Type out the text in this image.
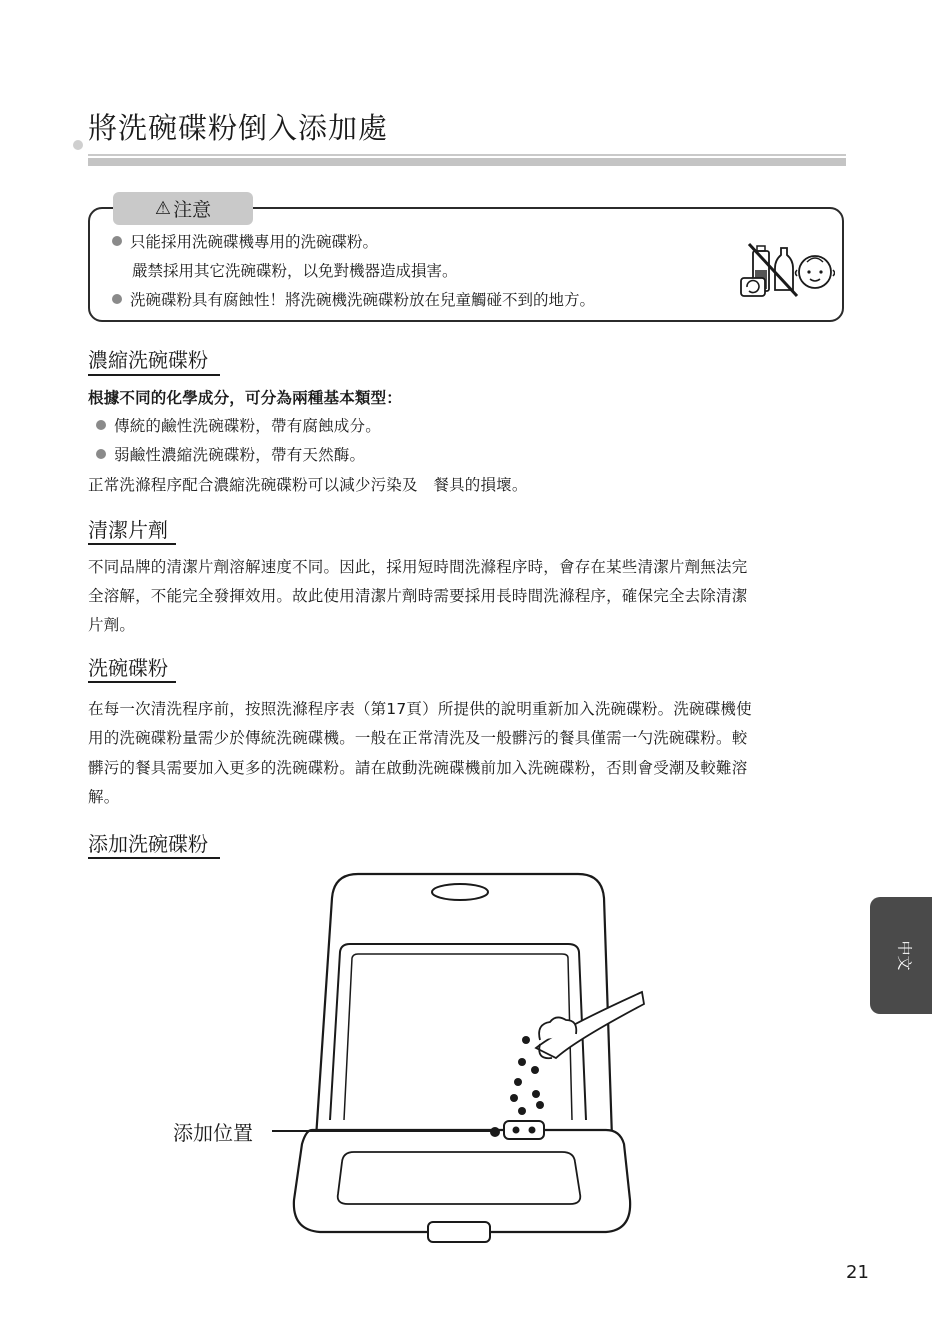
將洗碗碟粉倒入添加處
⚠ 注意
只能採用洗碗碟機專用的洗碗碟粉。
嚴禁採用其它洗碗碟粉，以免對機器造成損害。
洗碗碟粉具有腐蝕性！將洗碗機洗碗碟粉放在兒童觸碰不到的地方。
濃縮洗碗碟粉
根據不同的化學成分，可分為兩種基本類型：
傳統的鹼性洗碗碟粉，帶有腐蝕成分。
弱鹼性濃縮洗碗碟粉，帶有天然酶。
正常洗滌程序配合濃縮洗碗碟粉可以減少污染及　餐具的損壞。
清潔片劑
不同品牌的清潔片劑溶解速度不同。因此，採用短時間洗滌程序時，會存在某些清潔片劑無法完
全溶解，不能完全發揮效用。故此使用清潔片劑時需要採用長時間洗滌程序，確保完全去除清潔
片劑。
洗碗碟粉
在每一次清洗程序前，按照洗滌程序表（第17頁）所提供的說明重新加入洗碗碟粉。洗碗碟機使
用的洗碗碟粉量需少於傳統洗碗碟機。一般在正常清洗及一般髒污的餐具僅需一勺洗碗碟粉。較
髒污的餐具需要加入更多的洗碗碟粉。請在啟動洗碗碟機前加入洗碗碟粉，否則會受潮及較難溶
解。
添加洗碗碟粉
添加位置
中文
21
